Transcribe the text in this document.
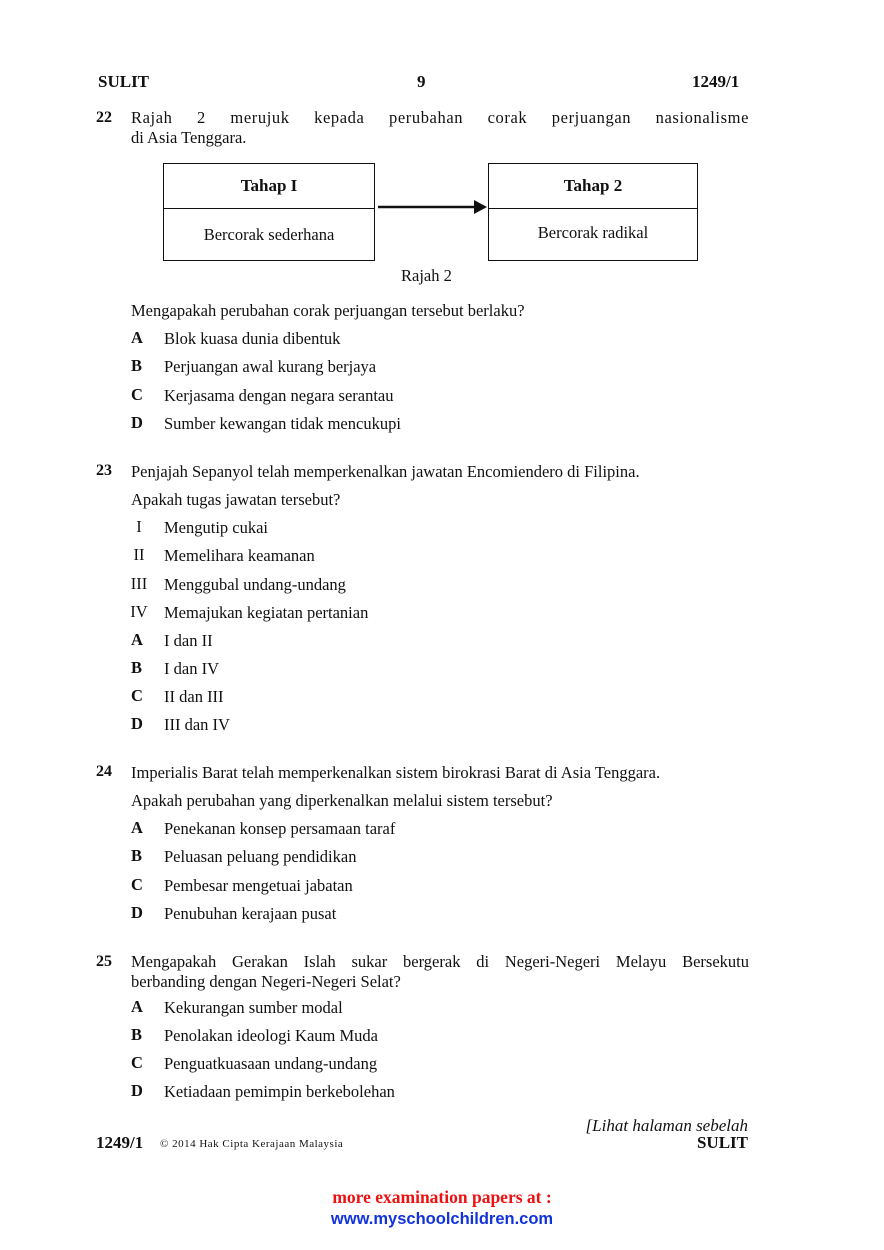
SULIT	9	1249/1
22 Rajah 2 merujuk kepada perubahan corak perjuangan nasionalisme
di Asia Tenggara.
Tahap I
Bercorak sederhana
Tahap 2
Bercorak radikal
Rajah 2
Mengapakah perubahan corak perjuangan tersebut berlaku?
A Blok kuasa dunia dibentuk
B Perjuangan awal kurang berjaya
C Kerjasama dengan negara serantau
D Sumber kewangan tidak mencukupi
23 Penjajah Sepanyol telah memperkenalkan jawatan Encomiendero di Filipina.
Apakah tugas jawatan tersebut?
I	Mengutip cukai
II	Memelihara keamanan
III Menggubal undang-undang
IV Memajukan kegiatan pertanian
A I dan II
B I dan IV
C II dan III
D III dan IV
24 Imperialis Barat telah memperkenalkan sistem birokrasi Barat di Asia Tenggara.
Apakah perubahan yang diperkenalkan melalui sistem tersebut?
A Penekanan konsep persamaan taraf
B Peluasan peluang pendidikan
C Pembesar mengetuai jabatan
D Penubuhan kerajaan pusat
25 Mengapakah Gerakan Islah sukar bergerak di Negeri-Negeri Melayu Bersekutu
berbanding dengan Negeri-Negeri Selat?
A Kekurangan sumber modal
B Penolakan ideologi Kaum Muda
C Penguatkuasaan undang-undang
D Ketiadaan pemimpin berkebolehan
[Lihat halaman sebelah
SULIT
1249/1 © 2014 Hak Cipta Kerajaan Malaysia
more examination papers at :
www.myschoolchildren.com
